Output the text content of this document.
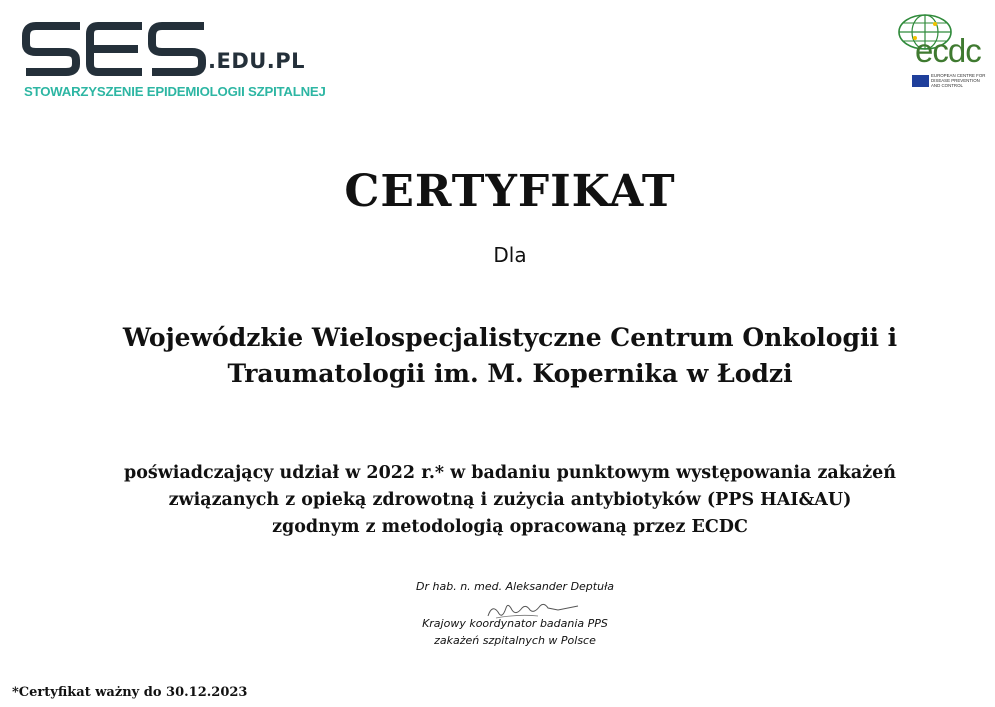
.EDU.PL
STOWARZYSZENIE EPIDEMIOLOGII SZPITALNEJ
ecdc
EUROPEAN CENTRE FOR DISEASE PREVENTION AND CONTROL
CERTYFIKAT
Dla
Wojewódzkie Wielospecjalistyczne Centrum Onkologii i
Traumatologii im. M. Kopernika w Łodzi
poświadczający udział w 2022 r.* w badaniu punktowym występowania zakażeń
związanych z opieką zdrowotną i zużycia antybiotyków (PPS HAI&AU)
zgodnym z metodologią opracowaną przez ECDC
Dr hab. n. med. Aleksander Deptuła
Krajowy koordynator badania PPS
zakażeń szpitalnych w Polsce
*Certyfikat ważny do 30.12.2023
